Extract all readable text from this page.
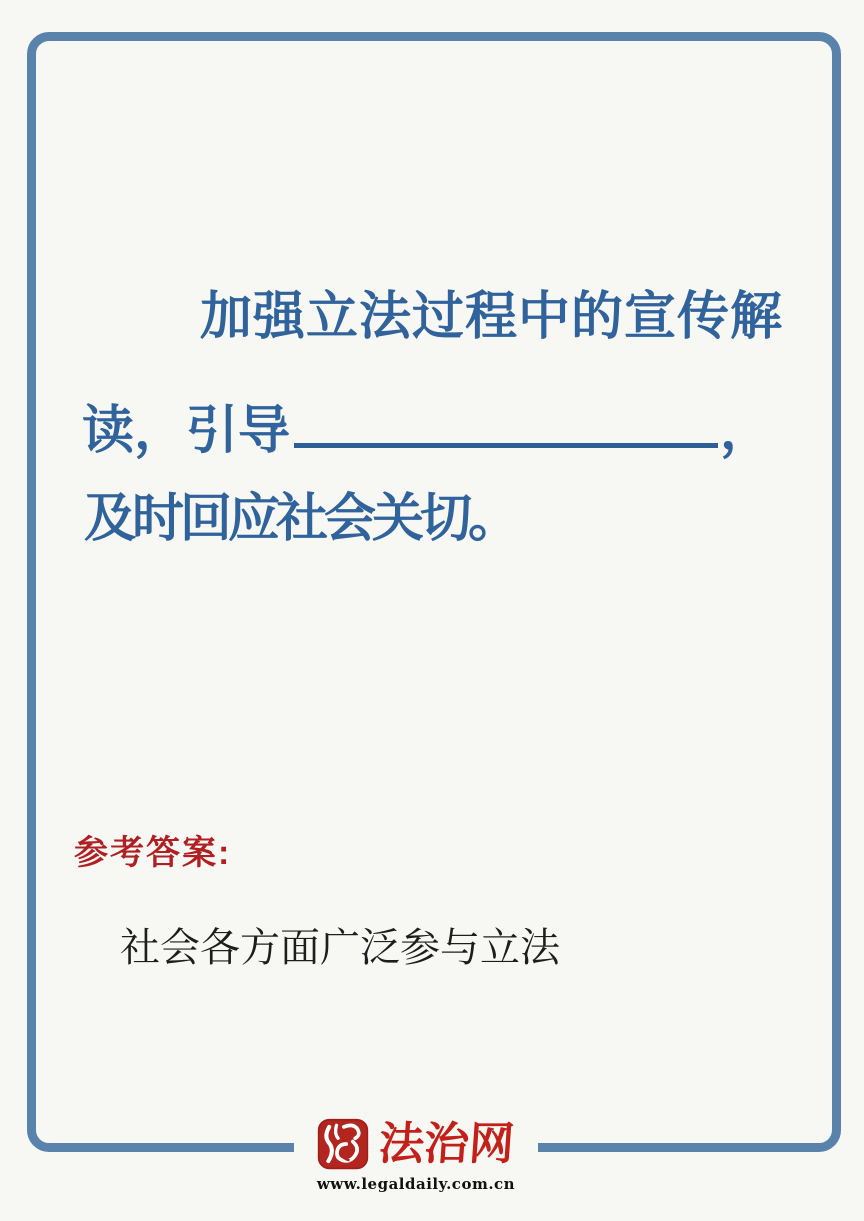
加强立法过程中的宣传解
读，引导	，
及时回应社会关切。
参考答案:
社会各方面广泛参与立法
法治网
www.legaldaily.com.cn
